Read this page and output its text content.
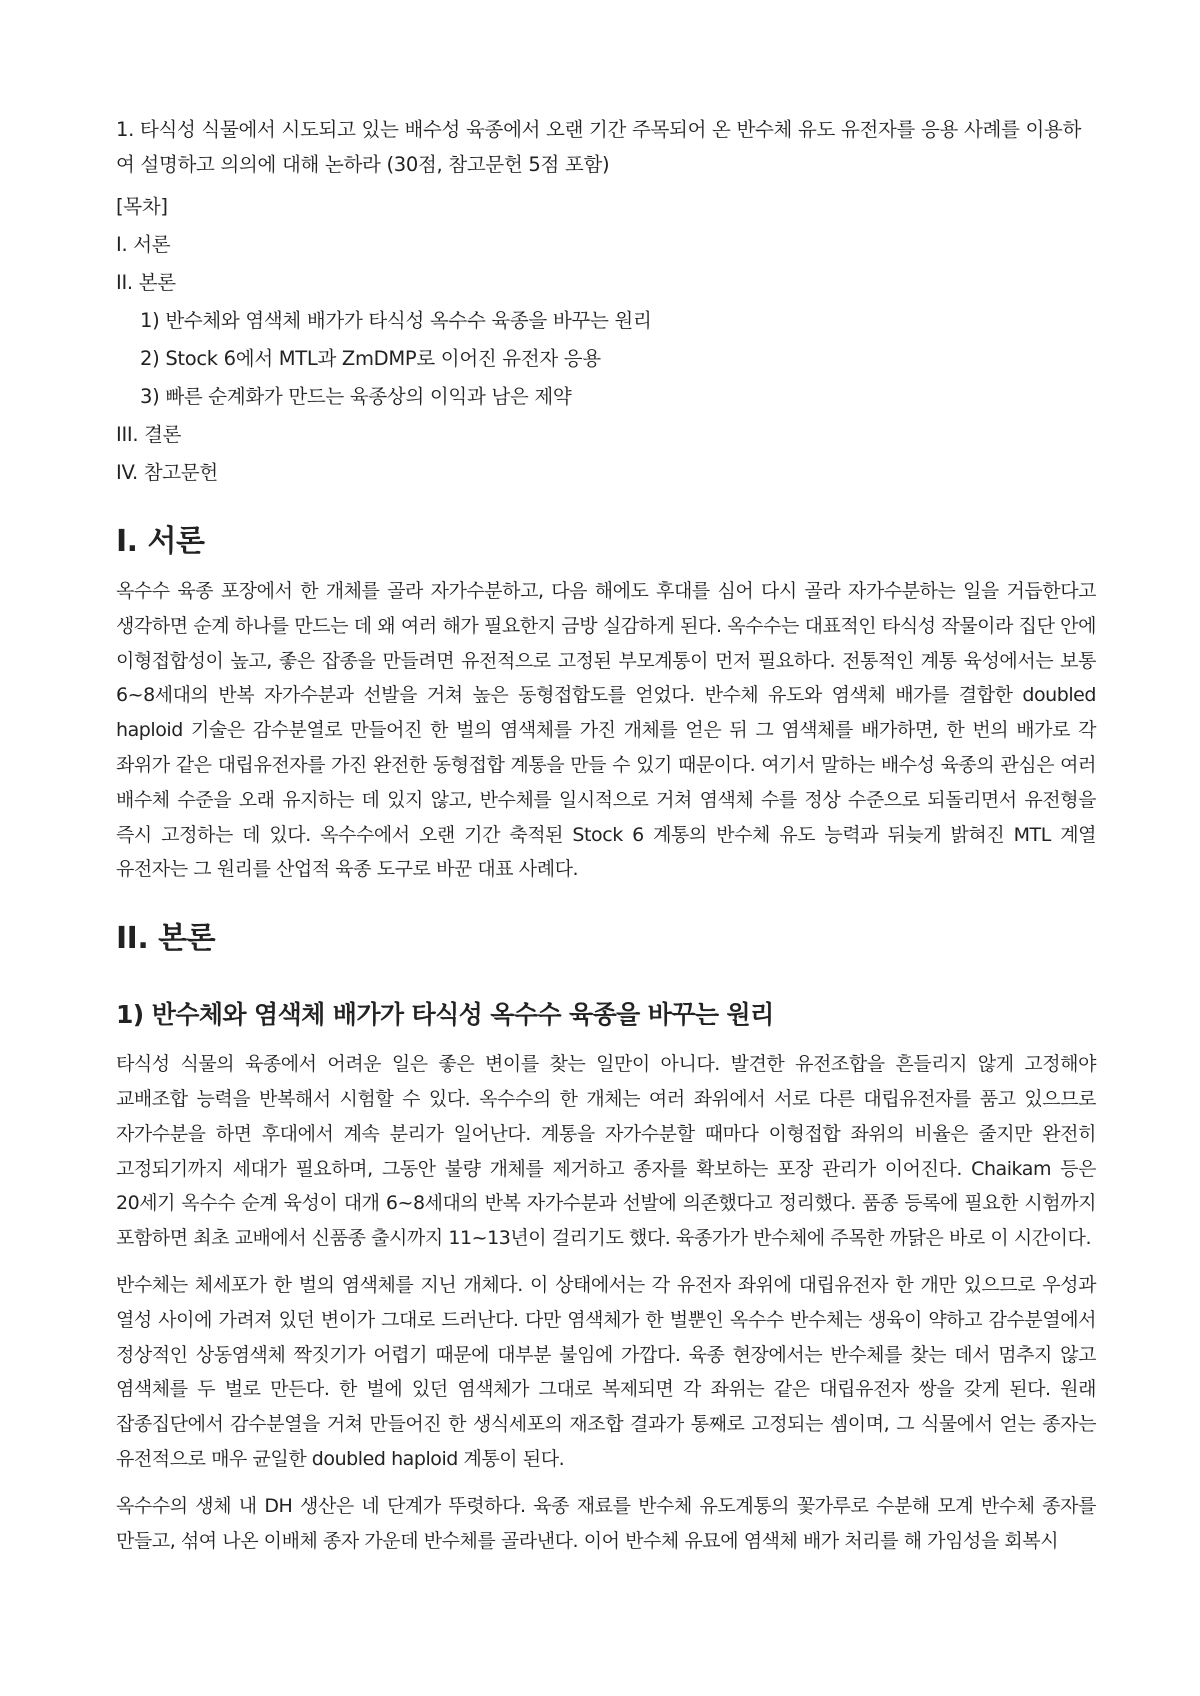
1. 타식성 식물에서 시도되고 있는 배수성 육종에서 오랜 기간 주목되어 온 반수체 유도 유전자를 응용 사례를 이용하여 설명하고 의의에 대해 논하라 (30점, 참고문헌 5점 포함)

[목차]
I. 서론
II. 본론
1) 반수체와 염색체 배가가 타식성 옥수수 육종을 바꾸는 원리
2) Stock 6에서 MTL과 ZmDMP로 이어진 유전자 응용
3) 빠른 순계화가 만드는 육종상의 이익과 남은 제약
III. 결론
IV. 참고문헌
I. 서론

옥수수 육종 포장에서 한 개체를 골라 자가수분하고, 다음 해에도 후대를 심어 다시 골라 자가수분하는 일을 거듭한다고 생각하면 순계 하나를 만드는 데 왜 여러 해가 필요한지 금방 실감하게 된다. 옥수수는 대표적인 타식성 작물이라 집단 안에 이형접합성이 높고, 좋은 잡종을 만들려면 유전적으로 고정된 부모계통이 먼저 필요하다. 전통적인 계통 육성에서는 보통 6~8세대의 반복 자가수분과 선발을 거쳐 높은 동형접합도를 얻었다. 반수체 유도와 염색체 배가를 결합한 doubled haploid 기술은 감수분열로 만들어진 한 벌의 염색체를 가진 개체를 얻은 뒤 그 염색체를 배가하면, 한 번의 배가로 각 좌위가 같은 대립유전자를 가진 완전한 동형접합 계통을 만들 수 있기 때문이다. 여기서 말하는 배수성 육종의 관심은 여러 배수체 수준을 오래 유지하는 데 있지 않고, 반수체를 일시적으로 거쳐 염색체 수를 정상 수준으로 되돌리면서 유전형을 즉시 고정하는 데 있다. 옥수수에서 오랜 기간 축적된 Stock 6 계통의 반수체 유도 능력과 뒤늦게 밝혀진 MTL 계열 유전자는 그 원리를 산업적 육종 도구로 바꾼 대표 사례다.

II. 본론
1) 반수체와 염색체 배가가 타식성 옥수수 육종을 바꾸는 원리

타식성 식물의 육종에서 어려운 일은 좋은 변이를 찾는 일만이 아니다. 발견한 유전조합을 흔들리지 않게 고정해야 교배조합 능력을 반복해서 시험할 수 있다. 옥수수의 한 개체는 여러 좌위에서 서로 다른 대립유전자를 품고 있으므로 자가수분을 하면 후대에서 계속 분리가 일어난다. 계통을 자가수분할 때마다 이형접합 좌위의 비율은 줄지만 완전히 고정되기까지 세대가 필요하며, 그동안 불량 개체를 제거하고 종자를 확보하는 포장 관리가 이어진다. Chaikam 등은 20세기 옥수수 순계 육성이 대개 6~8세대의 반복 자가수분과 선발에 의존했다고 정리했다. 품종 등록에 필요한 시험까지 포함하면 최초 교배에서 신품종 출시까지 11~13년이 걸리기도 했다. 육종가가 반수체에 주목한 까닭은 바로 이 시간이다.

반수체는 체세포가 한 벌의 염색체를 지닌 개체다. 이 상태에서는 각 유전자 좌위에 대립유전자 한 개만 있으므로 우성과 열성 사이에 가려져 있던 변이가 그대로 드러난다. 다만 염색체가 한 벌뿐인 옥수수 반수체는 생육이 약하고 감수분열에서 정상적인 상동염색체 짝짓기가 어렵기 때문에 대부분 불임에 가깝다. 육종 현장에서는 반수체를 찾는 데서 멈추지 않고 염색체를 두 벌로 만든다. 한 벌에 있던 염색체가 그대로 복제되면 각 좌위는 같은 대립유전자 쌍을 갖게 된다. 원래 잡종집단에서 감수분열을 거쳐 만들어진 한 생식세포의 재조합 결과가 통째로 고정되는 셈이며, 그 식물에서 얻는 종자는 유전적으로 매우 균일한 doubled haploid 계통이 된다.

옥수수의 생체 내 DH 생산은 네 단계가 뚜렷하다. 육종 재료를 반수체 유도계통의 꽃가루로 수분해 모계 반수체 종자를 만들고, 섞여 나온 이배체 종자 가운데 반수체를 골라낸다. 이어 반수체 유묘에 염색체 배가 처리를 해 가임성을 회복시
